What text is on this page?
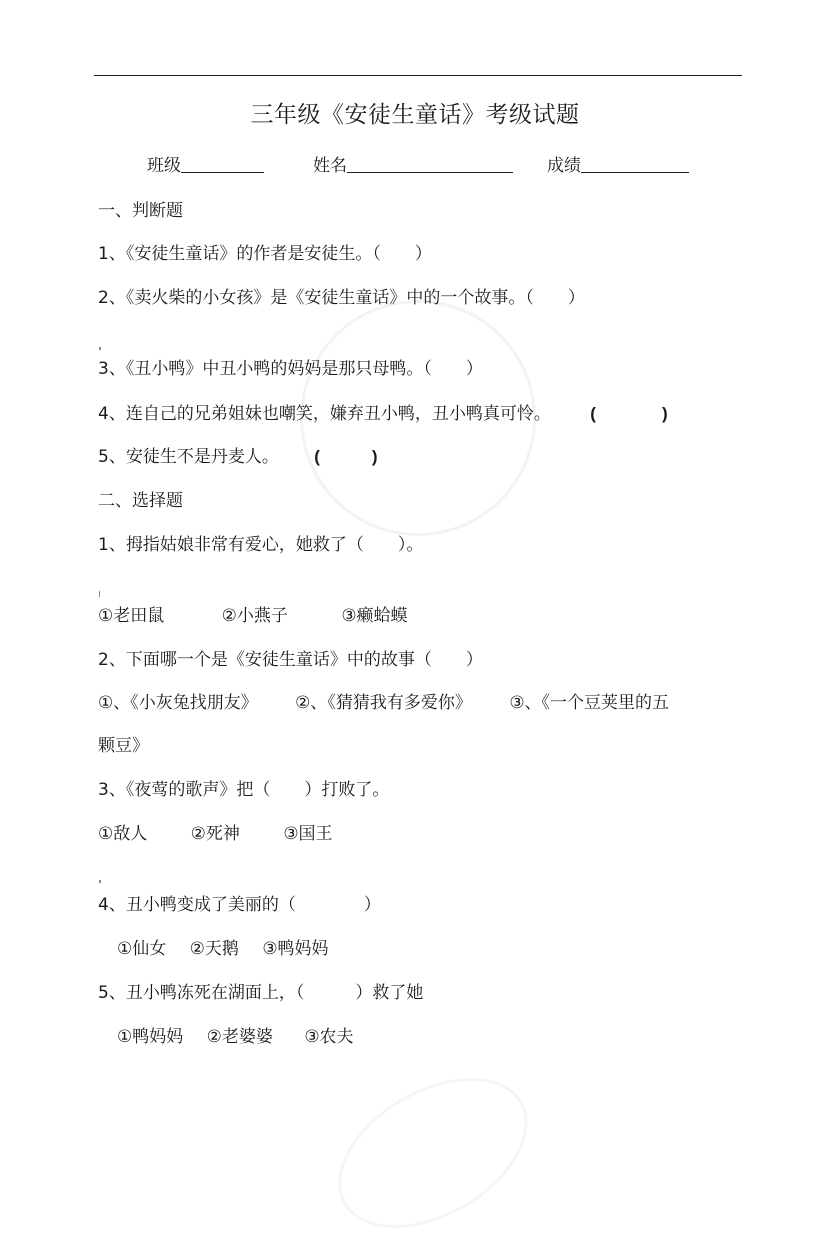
三年级《安徒生童话》考级试题
班级	姓名	成绩
一、判断题
1、《安徒生童话》的作者是安徒生。（　　）
2、《卖火柴的小女孩》是《安徒生童话》中的一个故事。（　　）
3、《丑小鸭》中丑小鸭的妈妈是那只母鸭。（　　）
4、连自己的兄弟姐妹也嘲笑，嫌弃丑小鸭，丑小鸭真可怜。 (              )
5、安徒生不是丹麦人。 (           )
二、选择题
1、拇指姑娘非常有爱心，她救了（　　）。
①老田鼠	②小燕子	③癞蛤蟆
2、下面哪一个是《安徒生童话》中的故事（　　）
①、《小灰兔找朋友》 ②、《猜猜我有多爱你》 ③、《一个豆荚里的五
颗豆》
3、《夜莺的歌声》把（　　）打败了。
①敌人	②死神	③国王
4、丑小鸭变成了美丽的（　　　　）
①仙女 ②天鹅 ③鸭妈妈
5、丑小鸭冻死在湖面上，（　　　）救了她
①鸭妈妈 ②老婆婆 ③农夫
